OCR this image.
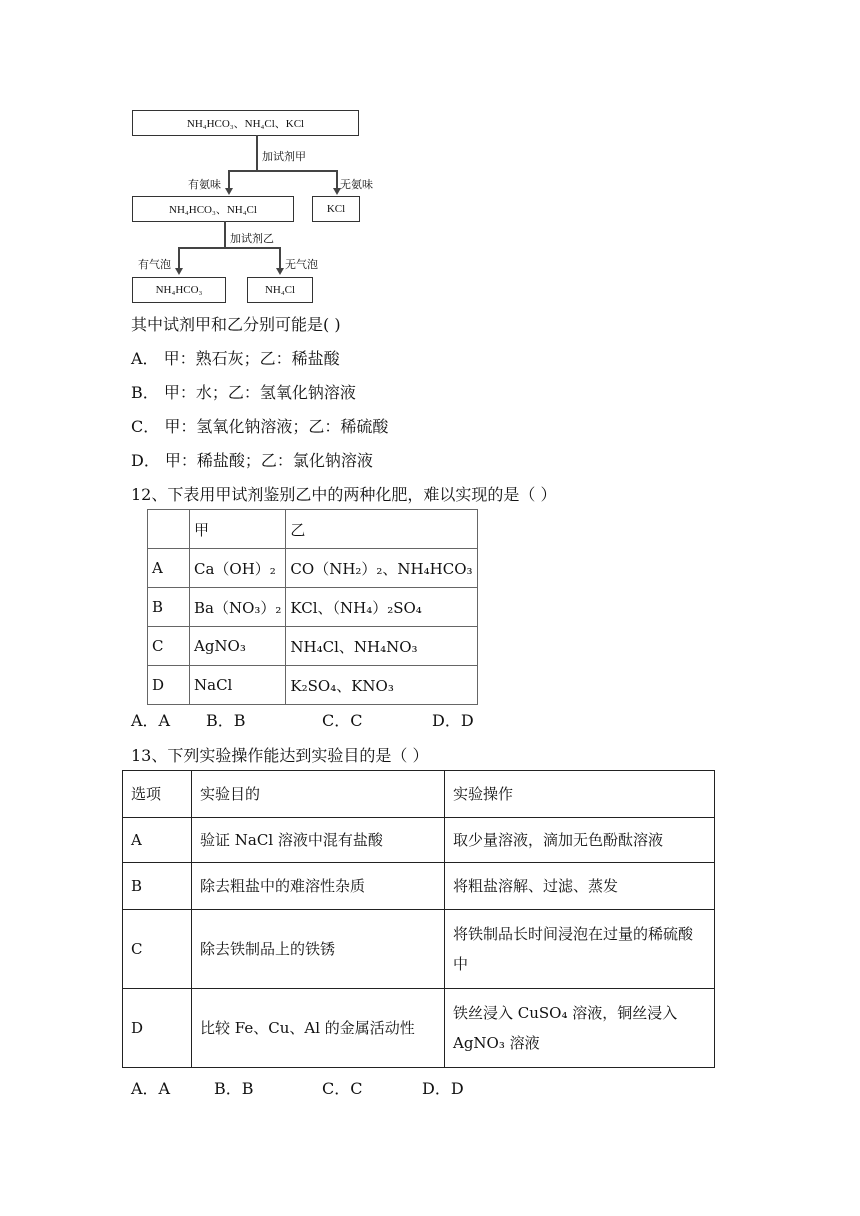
NH₄HCO₃、NH₄Cl、KCl
加试剂甲
有氨味	无氨味
NH₄HCO₃、NH₄Cl	KCl
加试剂乙
有气泡	无气泡
NH₄HCO₃	NH₄Cl
其中试剂甲和乙分别可能是( )
A． 甲：熟石灰；乙：稀盐酸
B． 甲：水；乙：氢氧化钠溶液
C． 甲：氢氧化钠溶液；乙：稀硫酸
D． 甲：稀盐酸；乙：氯化钠溶液
12、下表用甲试剂鉴别乙中的两种化肥，难以实现的是（ ）
	甲	乙
A	Ca（OH）₂	CO（NH₂）₂、NH₄HCO₃
B	Ba（NO₃）₂	KCl、（NH₄）₂SO₄
C	AgNO₃	NH₄Cl、NH₄NO₃
D	NaCl	K₂SO₄、KNO₃
A．A B．B	C．C	D．D
13、下列实验操作能达到实验目的是（ ）
选项	实验目的	实验操作
A	验证 NaCl 溶液中混有盐酸	取少量溶液，滴加无色酚酞溶液
B	除去粗盐中的难溶性杂质	将粗盐溶解、过滤、蒸发
C	除去铁制品上的铁锈	将铁制品长时间浸泡在过量的稀硫酸中
D	比较 Fe、Cu、Al 的金属活动性	铁丝浸入 CuSO₄ 溶液，铜丝浸入 AgNO₃ 溶液
A．A	B．B	C．C	D．D
